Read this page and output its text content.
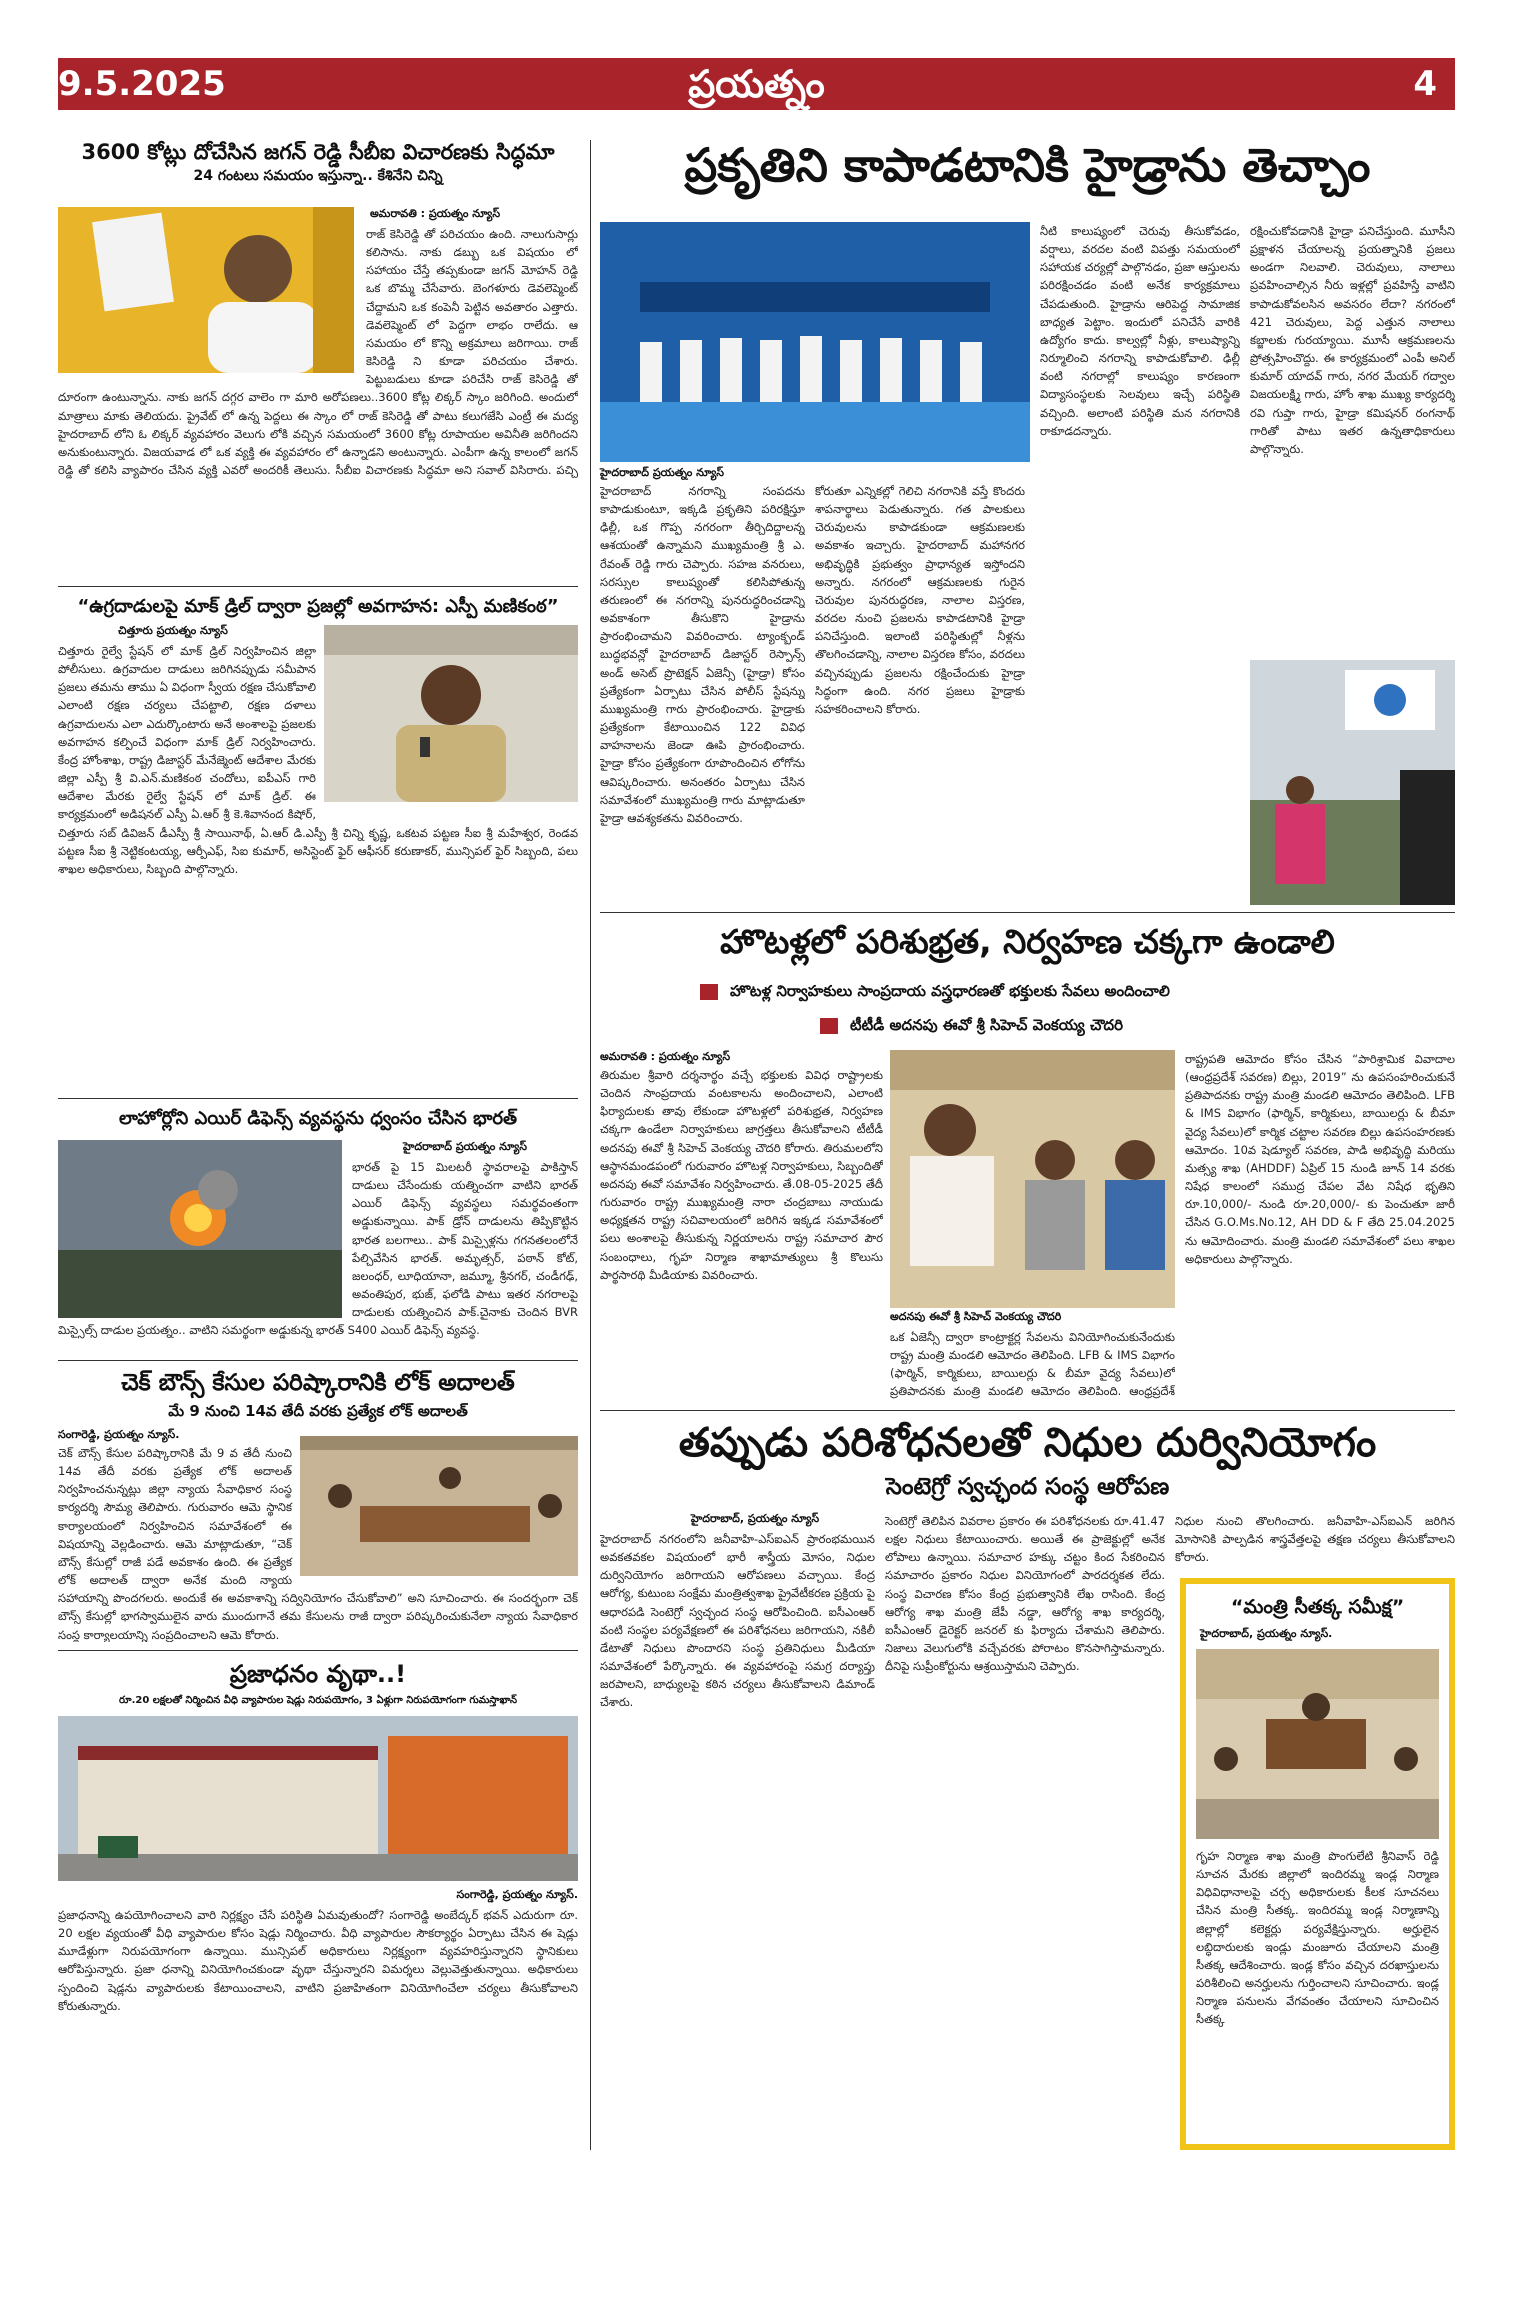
9.5.2025	ప్రయత్నం	4
3600 కోట్లు దోచేసిన జగన్ రెడ్డి సీబీఐ విచారణకు సిద్ధమా
24 గంటలు సమయం ఇస్తున్నా.. కేశినేని చిన్ని
అమరావతి : ప్రయత్నం న్యూస్
రాజ్ కెసిరెడ్డి తో పరిచయం ఉంది. నాలుగుసార్లు కలిసాను. నాకు డబ్బు ఒక విషయం లో సహాయం చేస్తే తప్పకుండా జగన్ మోహన్ రెడ్డి ఒక బొమ్మ చేసేవారు. బెంగళూరు డెవలెప్మెంట్ చేద్దామని ఒక కంపెనీ పెట్టిన అవతారం ఎత్తారు. డెవలెప్మెంట్ లో పెద్దగా లాభం రాలేదు. ఆ సమయం లో కొన్ని అక్రమాలు జరిగాయి. రాజ్ కెసిరెడ్డి ని కూడా పరిచయం చేశారు. పెట్టుబడులు కూడా పరిచేసి రాజ్ కెసిరెడ్డి తో దూరంగా ఉంటున్నాను. నాకు జగన్ దగ్గర వాలెం గా మారి అరోపణలు..3600 కోట్ల లిక్కర్ స్కాం జరిగింది. అందులో మాత్రాలు మాకు తెలియదు. ప్రైవేట్ లో ఉన్న పెద్దలు ఈ స్కాం లో రాజ్ కెసిరెడ్డి తో పాటు కలుగజేసి ఎంట్రీ ఈ మద్య హైదరాబాద్ లోని ఓ లిక్కర్ వ్యవహారం వెలుగు లోకి వచ్చిన సమయంలో 3600 కోట్ల రూపాయల అవినీతి జరిగిందని అనుకుంటున్నారు. విజయవాడ లో ఒక వ్యక్తి ఈ వ్యవహారం లో ఉన్నాడని అంటున్నారు. ఎంపీగా ఉన్న కాలంలో జగన్ రెడ్డి తో కలిసి వ్యాపారం చేసిన వ్యక్తి ఎవరో అందరికీ తెలుసు. సీబీఐ విచారణకు సిద్ధమా అని సవాల్ విసిరారు. పచ్చి
“ఉగ్రదాడులపై మాక్ డ్రిల్ ద్వారా ప్రజల్లో అవగాహన: ఎస్పీ మణికంఠ”
చిత్తూరు ప్రయత్నం న్యూస్
చిత్తూరు రైల్వే స్టేషన్ లో మాక్ డ్రిల్ నిర్వహించిన జిల్లా పోలీసులు. ఉగ్రవాదుల దాడులు జరిగినప్పుడు సమీపాన ప్రజలు తమను తాము ఏ విధంగా స్వీయ రక్షణ చేసుకోవాలి ఎలాంటి రక్షణ చర్యలు చేపట్టాలి, రక్షణ దళాలు ఉగ్రవాదులను ఎలా ఎదుర్కొంటారు అనే అంశాలపై ప్రజలకు అవగాహన కల్పించే విధంగా మాక్ డ్రిల్ నిర్వహించారు. కేంద్ర హోంశాఖ, రాష్ట్ర డిజాస్టర్ మేనేజ్మెంట్ ఆదేశాల మేరకు జిల్లా ఎస్పీ శ్రీ వి.ఎన్.మణికంఠ చందోలు, ఐపీఎస్ గారి ఆదేశాల మేరకు రైల్వే స్టేషన్ లో మాక్ డ్రిల్. ఈ కార్యక్రమంలో అడిషనల్ ఎస్పీ ఏ.ఆర్ శ్రీ కె.శివానంద కిషోర్, చిత్తూరు సబ్ డివిజన్ డీఎస్పీ శ్రీ సాయినాథ్, ఏ.ఆర్ డి.ఎస్పీ శ్రీ చిన్ని కృష్ణ, ఒకటవ పట్టణ సీఐ శ్రీ మహేశ్వర, రెండవ పట్టణ సీఐ శ్రీ నెట్టికంటయ్య, ఆర్పీఎఫ్, సిఐ కుమార్, అసిస్టెంట్ ఫైర్ ఆఫీసర్ కరుణాకర్, మున్సిపల్ ఫైర్ సిబ్బంది, పలు శాఖల అధికారులు, సిబ్బంది పాల్గొన్నారు.
లాహోర్లోని ఎయిర్ డిఫెన్స్ వ్యవస్థను ధ్వంసం చేసిన భారత్
హైదరాబాద్ ప్రయత్నం న్యూస్
భారత్ పై 15 మిలటరీ స్థావరాలపై పాకిస్తాన్ దాడులు చేసేందుకు యత్నించగా వాటిని భారత్ ఎయిర్ డిఫెన్స్ వ్యవస్థలు సమర్థవంతంగా అడ్డుకున్నాయి. పాక్ డ్రోన్ దాడులను తిప్పికొట్టిన భారత బలగాలు.. పాక్ మిస్సైళ్లను గగనతలంలోనే పేల్చివేసిన భారత్. అమృత్సర్, పఠాన్ కోట్, జలంధర్, లూధియానా, జమ్మూ, శ్రీనగర్, చండీగఢ్, అవంతిపుర, భుజ్, ఫలోడి పాటు ఇతర నగరాలపై దాడులకు యత్నించిన పాక్.చైనాకు చెందిన BVR మిస్సైల్స్ దాడుల ప్రయత్నం.. వాటిని సమర్థంగా అడ్డుకున్న భారత్ S400 ఎయిర్ డిఫెన్స్ వ్యవస్థ.
చెక్ బౌన్స్ కేసుల పరిష్కారానికి లోక్ అదాలత్
మే 9 నుంచి 14వ తేదీ వరకు ప్రత్యేక లోక్ అదాలత్
సంగారెడ్డి, ప్రయత్నం న్యూస్.
చెక్ బౌన్స్ కేసుల పరిష్కారానికి మే 9 వ తేదీ నుంచి 14వ తేదీ వరకు ప్రత్యేక లోక్ అదాలత్ నిర్వహించనున్నట్లు జిల్లా న్యాయ సేవాధికార సంస్థ కార్యదర్శి సౌమ్య తెలిపారు. గురువారం ఆమె స్థానిక కార్యాలయంలో నిర్వహించిన సమావేశంలో ఈ విషయాన్ని వెల్లడించారు. ఆమె మాట్లాడుతూ, “చెక్ బౌన్స్ కేసుల్లో రాజీ పడే అవకాశం ఉంది. ఈ ప్రత్యేక లోక్ అదాలత్ ద్వారా అనేక మంది న్యాయ సహాయాన్ని పొందగలరు. అందుకే ఈ అవకాశాన్ని సద్వినియోగం చేసుకోవాలి” అని సూచించారు. ఈ సందర్భంగా చెక్ బౌన్స్ కేసుల్లో భాగస్వాములైన వారు ముందుగానే తమ కేసులను రాజీ ద్వారా పరిష్కరించుకునేలా న్యాయ సేవాధికార సంస్థ కార్యాలయాన్ని సంప్రదించాలని ఆమె కోరారు.
ప్రజాధనం వృథా..!
రూ.20 లక్షలతో నిర్మించిన వీధి వ్యాపారుల షెడ్లు నిరుపయోగం, 3 ఏళ్లుగా నిరుపయోగంగా గుమస్తాఖాన్
సంగారెడ్డి, ప్రయత్నం న్యూస్.
ప్రజాధనాన్ని ఉపయోగించాలని వారి నిర్లక్ష్యం చేసే పరిస్థితి ఏమవుతుందో? సంగారెడ్డి అంబేద్కర్ భవన్ ఎదురుగా రూ. 20 లక్షల వ్యయంతో వీధి వ్యాపారుల కోసం షెడ్లు నిర్మించారు. వీధి వ్యాపారుల సౌకర్యార్థం ఏర్పాటు చేసిన ఈ షెడ్లు మూడేళ్లుగా నిరుపయోగంగా ఉన్నాయి. మున్సిపల్ అధికారులు నిర్లక్ష్యంగా వ్యవహరిస్తున్నారని స్థానికులు ఆరోపిస్తున్నారు. ప్రజా ధనాన్ని వినియోగించకుండా వృథా చేస్తున్నారని విమర్శలు వెల్లువెత్తుతున్నాయి. అధికారులు స్పందించి షెడ్లను వ్యాపారులకు కేటాయించాలని, వాటిని ప్రజాహితంగా వినియోగించేలా చర్యలు తీసుకోవాలని కోరుతున్నారు.
ప్రకృతిని కాపాడటానికి హైడ్రాను తెచ్చాం
హైదరాబాద్ ప్రయత్నం న్యూస్
హైదరాబాద్ నగరాన్ని సంపదను కాపాడుకుంటూ, ఇక్కడి ప్రకృతిని పరిరక్షిస్తూ ఢిల్లీ, ఒక గొప్ప నగరంగా తీర్చిదిద్దాలన్న ఆశయంతో ఉన్నామని ముఖ్యమంత్రి శ్రీ ఎ. రేవంత్ రెడ్డి గారు చెప్పారు. సహజ వనరులు, సరస్సుల కాలుష్యంతో కలిసిపోతున్న తరుణంలో ఈ నగరాన్ని పునరుద్ధరించడాన్ని అవకాశంగా తీసుకొని హైడ్రాను ప్రారంభించామని వివరించారు. ట్యాంక్బండ్ బుద్ధభవన్లో హైదరాబాద్ డిజాస్టర్ రెస్పాన్స్ అండ్ అసెట్ ప్రొటెక్షన్ ఏజెన్సీ (హైడ్రా) కోసం ప్రత్యేకంగా ఏర్పాటు చేసిన పోలీస్ స్టేషన్ను ముఖ్యమంత్రి గారు ప్రారంభించారు. హైడ్రాకు ప్రత్యేకంగా కేటాయించిన 122 వివిధ వాహనాలను జెండా ఊపి ప్రారంభించారు. హైడ్రా కోసం ప్రత్యేకంగా రూపొందించిన లోగోను ఆవిష్కరించారు. అనంతరం ఏర్పాటు చేసిన సమావేశంలో ముఖ్యమంత్రి గారు మాట్లాడుతూ హైడ్రా ఆవశ్యకతను వివరించారు.
కోరుతూ ఎన్నికల్లో గెలిచి నగరానికి వస్తే కొందరు శాపనార్థాలు పెడుతున్నారు. గత పాలకులు చెరువులను కాపాడకుండా ఆక్రమణలకు అవకాశం ఇచ్చారు. హైదరాబాద్ మహానగర అభివృద్ధికి ప్రభుత్వం ప్రాధాన్యత ఇస్తోందని అన్నారు. నగరంలో ఆక్రమణలకు గురైన చెరువుల పునరుద్ధరణ, నాలాల విస్తరణ, వరదల నుంచి ప్రజలను కాపాడటానికి హైడ్రా పనిచేస్తుంది. ఇలాంటి పరిస్థితుల్లో నీళ్లను తొలగించడాన్ని, నాలాల విస్తరణ కోసం, వరదలు వచ్చినప్పుడు ప్రజలను రక్షించేందుకు హైడ్రా సిద్ధంగా ఉంది. నగర ప్రజలు హైడ్రాకు సహకరించాలని కోరారు.
నీటి కాలుష్యంలో చెరువు తీసుకోవడం, వర్షాలు, వరదల వంటి విపత్తు సమయంలో సహాయక చర్యల్లో పాల్గొనడం, ప్రజా ఆస్తులను పరిరక్షించడం వంటి అనేక కార్యక్రమాలు చేపడుతుంది. హైడ్రాను ఆరిపెద్ద సామాజిక బాధ్యత పెట్టాం. ఇందులో పనిచేసే వారికి ఉద్యోగం కాదు. కాల్వల్లో నీళ్లు, కాలుష్యాన్ని నిర్మూలించి నగరాన్ని కాపాడుకోవాలి. ఢిల్లీ వంటి నగరాల్లో కాలుష్యం కారణంగా విద్యాసంస్థలకు సెలవులు ఇచ్చే పరిస్థితి వచ్చింది. అలాంటి పరిస్థితి మన నగరానికి రాకూడదన్నారు.
రక్షించుకోవడానికి హైడ్రా పనిచేస్తుంది. మూసీని ప్రక్షాళన చేయాలన్న ప్రయత్నానికి ప్రజలు అండగా నిలవాలి. చెరువులు, నాలాలు ప్రవహించాల్సిన నీరు ఇళ్లల్లో ప్రవహిస్తే వాటిని కాపాడుకోవలసిన అవసరం లేదా? నగరంలో 421 చెరువులు, పెద్ద ఎత్తున నాలాలు కబ్జాలకు గురయ్యాయి. మూసీ ఆక్రమణలను ప్రోత్సహించొద్దు. ఈ కార్యక్రమంలో ఎంపీ అనిల్ కుమార్ యాదవ్ గారు, నగర మేయర్ గద్వాల విజయలక్ష్మి గారు, హోం శాఖ ముఖ్య కార్యదర్శి రవి గుప్తా గారు, హైడ్రా కమిషనర్ రంగనాథ్ గారితో పాటు ఇతర ఉన్నతాధికారులు పాల్గొన్నారు.
హొటళ్లలో పరిశుభ్రత, నిర్వహణ చక్కగా ఉండాలి
హొటళ్ల నిర్వాహకులు సాంప్రదాయ వస్త్రధారణతో భక్తులకు సేవలు అందించాలి
టీటీడీ అదనపు ఈవో శ్రీ సిహెచ్ వెంకయ్య చౌదరి
అమరావతి : ప్రయత్నం న్యూస్
తిరుమల శ్రీవారి దర్శనార్థం వచ్చే భక్తులకు వివిధ రాష్ట్రాలకు చెందిన సాంప్రదాయ వంటకాలను అందించాలని, ఎలాంటి ఫిర్యాదులకు తావు లేకుండా హొటళ్లలో పరిశుభ్రత, నిర్వహణ చక్కగా ఉండేలా నిర్వాహకులు జాగ్రత్తలు తీసుకోవాలని టీటీడీ అదనపు ఈవో శ్రీ సిహెచ్ వెంకయ్య చౌదరి కోరారు. తిరుమలలోని ఆస్థానమండపంలో గురువారం హొటళ్ల నిర్వాహకులు, సిబ్బందితో అదనపు ఈవో సమావేశం నిర్వహించారు. తే.08-05-2025 తేదీ గురువారం రాష్ట్ర ముఖ్యమంత్రి నారా చంద్రబాబు నాయుడు అధ్యక్షతన రాష్ట్ర సచివాలయంలో జరిగిన ఇక్కడ సమావేశంలో పలు అంశాలపై తీసుకున్న నిర్ణయాలను రాష్ట్ర సమాచార పౌర సంబంధాలు, గృహ నిర్మాణ శాఖామాత్యులు శ్రీ కొలుసు పార్థసారథి మీడియాకు వివరించారు.
అదనపు ఈవో శ్రీ సిహెచ్ వెంకయ్య చౌదరి
ఒక ఏజెన్సీ ద్వారా కాంట్రాక్టర్ల సేవలను వినియోగించుకునేందుకు రాష్ట్ర మంత్రి మండలి ఆమోదం తెలిపింది. LFB & IMS విభాగం (ఫార్మిన్, కార్మికులు, బాయిలర్లు & బీమా వైద్య సేవలు)లో ప్రతిపాదనకు మంత్రి మండలి ఆమోదం తెలిపింది. ఆంధ్రప్రదేశ్
రాష్ట్రపతి ఆమోదం కోసం చేసిన “పారిశ్రామిక వివాదాల (ఆంధ్రప్రదేశ్ సవరణ) బిల్లు, 2019” ను ఉపసంహరించుకునే ప్రతిపాదనకు రాష్ట్ర మంత్రి మండలి ఆమోదం తెలిపింది. LFB & IMS విభాగం (ఫార్మిన్, కార్మికులు, బాయిలర్లు & బీమా వైద్య సేవలు)లో కార్మిక చట్టాల సవరణ బిల్లు ఉపసంహరణకు ఆమోదం. 10వ షెడ్యూల్ సవరణ, పాడి అభివృద్ధి మరియు మత్స్య శాఖ (AHDDF) ఏప్రిల్ 15 నుండి జూన్ 14 వరకు నిషేధ కాలంలో సముద్ర చేపల వేట నిషేధ భృతిని రూ.10,000/- నుండి రూ.20,000/- కు పెంచుతూ జారీ చేసిన G.O.Ms.No.12, AH DD & F తేది 25.04.2025 ను ఆమోదించారు. మంత్రి మండలి సమావేశంలో పలు శాఖల అధికారులు పాల్గొన్నారు.
తప్పుడు పరిశోధనలతో నిధుల దుర్వినియోగం
సెంటెగ్రో స్వచ్ఛంద సంస్థ ఆరోపణ
హైదరాబాద్, ప్రయత్నం న్యూస్
హైదరాబాద్ నగరంలోని జనీవాహి-ఎస్ఐఎన్ ప్రారంభమయిన అవకతవకల విషయంలో భారీ శాస్త్రీయ మోసం, నిధుల దుర్వినియోగం జరిగాయని ఆరోపణలు వచ్చాయి. కేంద్ర ఆరోగ్య, కుటుంబ సంక్షేమ మంత్రిత్వశాఖ ప్రైవేటీకరణ ప్రక్రియ పై ఆధారపడి సెంటెగ్రో స్వచ్ఛంద సంస్థ ఆరోపించింది. ఐసీఎంఆర్ వంటి సంస్థల పర్యవేక్షణలో ఈ పరిశోధనలు జరిగాయని, నకిలీ డేటాతో నిధులు పొందారని సంస్థ ప్రతినిధులు మీడియా సమావేశంలో పేర్కొన్నారు. ఈ వ్యవహారంపై సమగ్ర దర్యాప్తు జరపాలని, బాధ్యులపై కఠిన చర్యలు తీసుకోవాలని డిమాండ్ చేశారు.
సెంటెగ్రో తెలిపిన వివరాల ప్రకారం ఈ పరిశోధనలకు రూ.41.47 లక్షల నిధులు కేటాయించారు. అయితే ఈ ప్రాజెక్టుల్లో అనేక లోపాలు ఉన్నాయి. సమాచార హక్కు చట్టం కింద సేకరించిన సమాచారం ప్రకారం నిధుల వినియోగంలో పారదర్శకత లేదు. సంస్థ విచారణ కోసం కేంద్ర ప్రభుత్వానికి లేఖ రాసింది. కేంద్ర ఆరోగ్య శాఖ మంత్రి జేపీ నడ్డా, ఆరోగ్య శాఖ కార్యదర్శి, ఐసీఎంఆర్ డైరెక్టర్ జనరల్ కు ఫిర్యాదు చేశామని తెలిపారు. నిజాలు వెలుగులోకి వచ్చేవరకు పోరాటం కొనసాగిస్తామన్నారు. దీనిపై సుప్రీంకోర్టును ఆశ్రయిస్తామని చెప్పారు.
నిధుల నుంచి తొలగించారు. జనీవాహి-ఎస్ఐఎన్ జరిగిన మోసానికి పాల్పడిన శాస్త్రవేత్తలపై తక్షణ చర్యలు తీసుకోవాలని కోరారు.
“మంత్రి సీతక్క సమీక్ష”
హైదరాబాద్, ప్రయత్నం న్యూస్.
గృహ నిర్మాణ శాఖ మంత్రి పొంగులేటి శ్రీనివాస్ రెడ్డి సూచన మేరకు జిల్లాలో ఇందిరమ్మ ఇండ్ల నిర్మాణ విధివిధానాలపై చర్చ అధికారులకు కీలక సూచనలు చేసిన మంత్రి సీతక్క. ఇందిరమ్మ ఇండ్ల నిర్మాణాన్ని జిల్లాల్లో కలెక్టర్లు పర్యవేక్షిస్తున్నారు. అర్హులైన లబ్ధిదారులకు ఇండ్లు మంజూరు చేయాలని మంత్రి సీతక్క ఆదేశించారు. ఇండ్ల కోసం వచ్చిన దరఖాస్తులను పరిశీలించి అనర్హులను గుర్తించాలని సూచించారు. ఇండ్ల నిర్మాణ పనులను వేగవంతం చేయాలని సూచించిన సీతక్క
